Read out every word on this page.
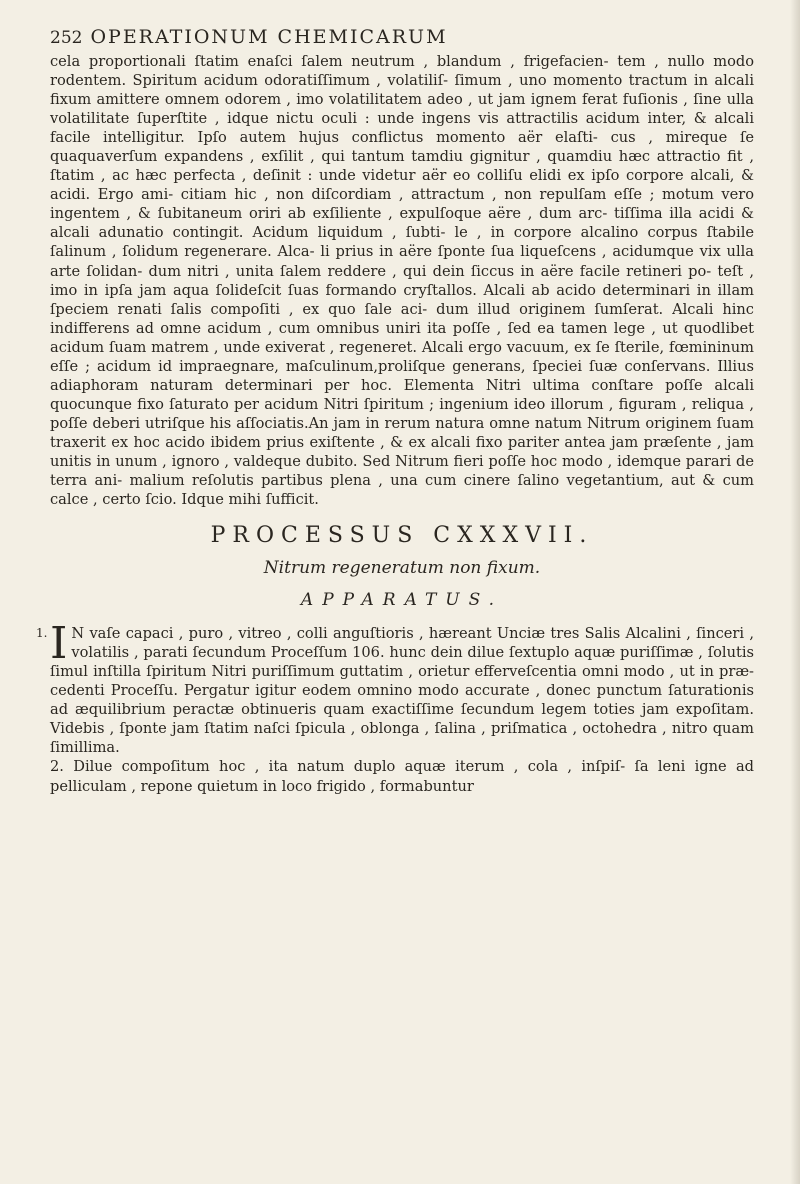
252 OPERATIONUM CHEMICARUM

cela proportionali ſtatim enaſci ſalem neutrum , blandum , frigefacien- tem , nullo modo rodentem. Spiritum acidum odoratiſſimum , volatiliſ- ſimum , uno momento tractum in alcali fixum amittere omnem odorem , imo volatilitatem adeo , ut jam ignem ferat fuſionis , ſine ulla volatilitate ſuperſtite , idque nictu oculi : unde ingens vis attractilis acidum inter, & alcali facile intelligitur. Ipſo autem hujus conflictus momento aër elaſti- cus , mireque ſe quaquaverſum expandens , exſilit , qui tantum tamdiu gignitur , quamdiu hæc attractio fit , ſtatim , ac hæc perfecta , deſinit : unde videtur aër eo colliſu elidi ex ipſo corpore alcali, & acidi. Ergo ami- citiam hic , non diſcordiam , attractum , non repulſam eſſe ; motum vero ingentem , & ſubitaneum oriri ab exſiliente , expulſoque aëre , dum arc- tiſſima illa acidi & alcali adunatio contingit. Acidum liquidum , ſubti- le , in corpore alcalino corpus ſtabile ſalinum , ſolidum regenerare. Alca- li prius in aëre ſponte ſua liqueſcens , acidumque vix ulla arte ſolidan- dum nitri , unita ſalem reddere , qui dein ſiccus in aëre facile retineri po- teſt , imo in ipſa jam aqua ſolideſcit ſuas formando cryſtallos. Alcali ab acido determinari in illam ſpeciem renati ſalis compoſiti , ex quo ſale aci- dum illud originem ſumſerat. Alcali hinc indifferens ad omne acidum , cum omnibus uniri ita poſſe , ſed ea tamen lege , ut quodlibet acidum ſuam matrem , unde exiverat , regeneret. Alcali ergo vacuum, ex ſe ſterile, fœmininum eſſe ; acidum id impraegnare, maſculinum,proliſque generans, ſpeciei ſuæ conſervans. Illius adiaphoram naturam determinari per hoc. Elementa Nitri ultima conſtare poſſe alcali quocunque fixo ſaturato per acidum Nitri ſpiritum ; ingenium ideo illorum , figuram , reliqua , poſſe deberi utriſque his aſſociatis.An jam in rerum natura omne natum Nitrum originem ſuam traxerit ex hoc acido ibidem prius exiſtente , & ex alcali fixo pariter antea jam præſente , jam unitis in unum , ignoro , valdeque dubito. Sed Nitrum fieri poſſe hoc modo , idemque parari de terra ani- malium reſolutis partibus plena , una cum cinere ſalino vegetantium, aut & cum calce , certo ſcio. Idque mihi ſufficit.

PROCESSUS CXXXVII.
Nitrum regeneratum non fixum.
APPARATUS.

1. I N vaſe capaci , puro , vitreo , colli anguſtioris , hæreant Unciæ tres Salis Alcalini , ſinceri , volatilis , parati ſecundum Proceſſum 106. hunc dein dilue ſextuplo aquæ puriſſimæ , ſolutis ſimul inſtilla ſpiritum Nitri puriſſimum guttatim , orietur efferveſcentia omni modo , ut in præ- cedenti Proceſſu. Pergatur igitur eodem omnino modo accurate , donec punctum ſaturationis ad æquilibrium peractæ obtinueris quam exactiſſime ſecundum legem toties jam expoſitam. Videbis , ſponte jam ſtatim naſci ſpicula , oblonga , ſalina , priſmatica , octohedra , nitro quam ſimillima.

2. Dilue compoſitum hoc , ita natum duplo aquæ iterum , cola , inſpiſ- ſa leni igne ad pelliculam , repone quietum in loco frigido , formabuntur
